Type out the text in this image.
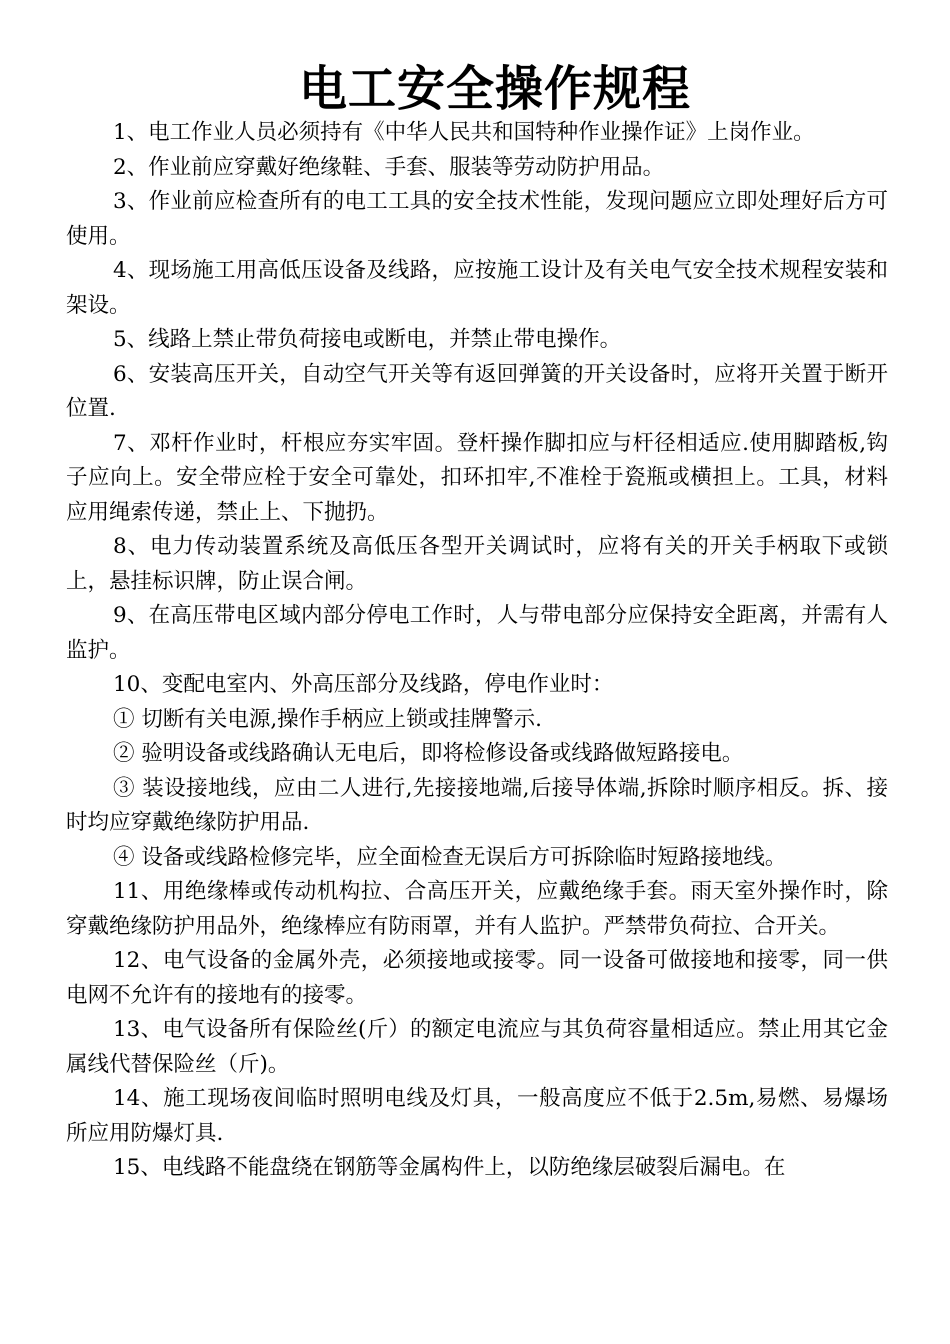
电工安全操作规程

1、电工作业人员必须持有《中华人民共和国特种作业操作证》上岗作业。

2、作业前应穿戴好绝缘鞋、手套、服装等劳动防护用品。

3、作业前应检查所有的电工工具的安全技术性能，发现问题应立即处理好后方可使用。

4、现场施工用高低压设备及线路，应按施工设计及有关电气安全技术规程安装和架设。

5、线路上禁止带负荷接电或断电，并禁止带电操作。

6、安装高压开关，自动空气开关等有返回弹簧的开关设备时，应将开关置于断开位置.

7、邓杆作业时，杆根应夯实牢固。登杆操作脚扣应与杆径相适应.使用脚踏板,钩子应向上。安全带应栓于安全可靠处，扣环扣牢,不准栓于瓷瓶或横担上。工具，材料应用绳索传递，禁止上、下抛扔。

8、电力传动装置系统及高低压各型开关调试时，应将有关的开关手柄取下或锁上，悬挂标识牌，防止误合闸。

9、在高压带电区域内部分停电工作时，人与带电部分应保持安全距离，并需有人监护。

10、变配电室内、外高压部分及线路，停电作业时：

① 切断有关电源,操作手柄应上锁或挂牌警示.

② 验明设备或线路确认无电后，即将检修设备或线路做短路接电。

③ 装设接地线，应由二人进行,先接接地端,后接导体端,拆除时顺序相反。拆、接时均应穿戴绝缘防护用品.

④ 设备或线路检修完毕，应全面检查无误后方可拆除临时短路接地线。

11、用绝缘棒或传动机构拉、合高压开关，应戴绝缘手套。雨天室外操作时，除穿戴绝缘防护用品外，绝缘棒应有防雨罩，并有人监护。严禁带负荷拉、合开关。

12、电气设备的金属外壳，必须接地或接零。同一设备可做接地和接零，同一供电网不允许有的接地有的接零。

13、电气设备所有保险丝(斤）的额定电流应与其负荷容量相适应。禁止用其它金属线代替保险丝（斤)。

14、施工现场夜间临时照明电线及灯具，一般高度应不低于2.5m,易燃、易爆场所应用防爆灯具.

15、电线路不能盘绕在钢筋等金属构件上，以防绝缘层破裂后漏电。在
